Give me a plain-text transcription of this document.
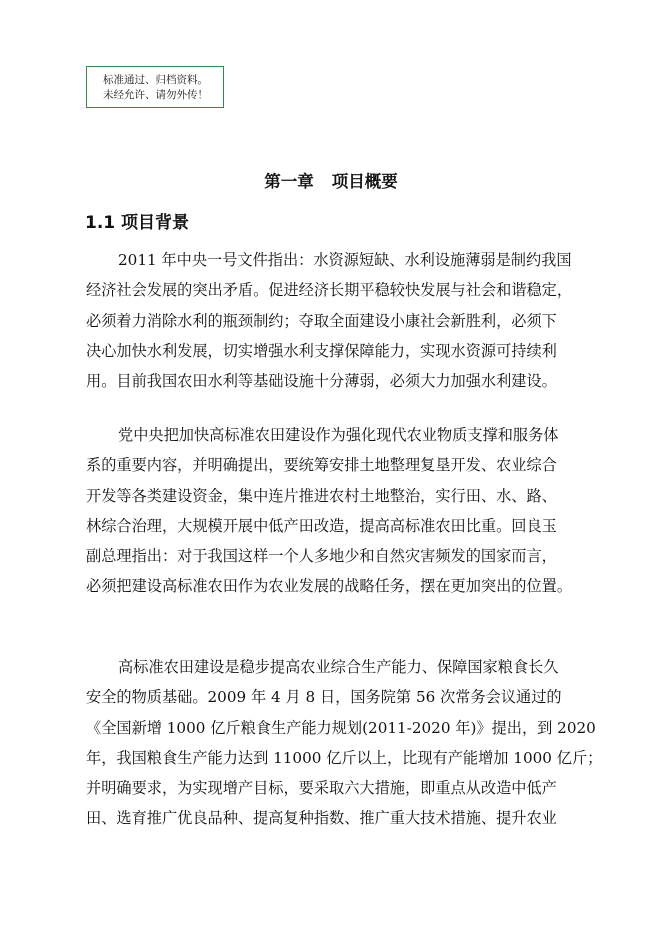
标准通过、归档资料。
未经允许、请勿外传！
第一章 项目概要
1.1 项目背景
2011 年中央一号文件指出：水资源短缺、水利设施薄弱是制约我国
经济社会发展的突出矛盾。促进经济长期平稳较快发展与社会和谐稳定，
必须着力消除水利的瓶颈制约；夺取全面建设小康社会新胜利，必须下
决心加快水利发展，切实增强水利支撑保障能力，实现水资源可持续利
用。目前我国农田水利等基础设施十分薄弱，必须大力加强水利建设。
党中央把加快高标准农田建设作为强化现代农业物质支撑和服务体
系的重要内容，并明确提出，要统筹安排土地整理复垦开发、农业综合
开发等各类建设资金，集中连片推进农村土地整治，实行田、水、路、
林综合治理，大规模开展中低产田改造，提高高标准农田比重。回良玉
副总理指出：对于我国这样一个人多地少和自然灾害频发的国家而言，
必须把建设高标准农田作为农业发展的战略任务，摆在更加突出的位置。
高标准农田建设是稳步提高农业综合生产能力、保障国家粮食长久
安全的物质基础。2009 年 4 月 8 日，国务院第 56 次常务会议通过的
《全国新增 1000 亿斤粮食生产能力规划(2011-2020 年)》提出，到 2020
年，我国粮食生产能力达到 11000 亿斤以上，比现有产能增加 1000 亿斤；
并明确要求，为实现增产目标，要采取六大措施，即重点从改造中低产
田、选育推广优良品种、提高复种指数、推广重大技术措施、提升农业
